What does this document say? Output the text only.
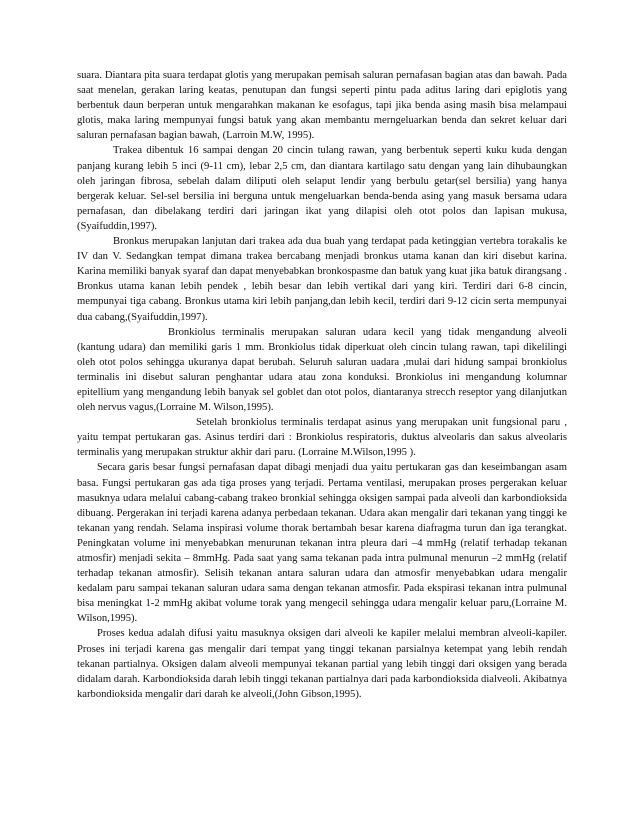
suara. Diantara pita suara terdapat glotis yang merupakan pemisah saluran pernafasan bagian atas dan bawah. Pada saat menelan, gerakan laring keatas, penutupan dan fungsi seperti pintu pada aditus laring dari epiglotis yang berbentuk daun berperan untuk mengarahkan makanan ke esofagus, tapi jika benda asing masih bisa melampaui glotis, maka laring mempunyai fungsi batuk yang akan membantu merngeluarkan benda dan sekret keluar dari saluran pernafasan bagian bawah, (Larroin M.W, 1995).

Trakea dibentuk 16 sampai dengan 20 cincin tulang rawan, yang berbentuk seperti kuku kuda dengan panjang kurang lebih 5 inci (9-11 cm), lebar 2,5 cm, dan diantara kartilago satu dengan yang lain dihubaungkan oleh jaringan fibrosa, sebelah dalam diliputi oleh selaput lendir yang berbulu getar(sel bersilia) yang hanya bergerak keluar. Sel-sel bersilia ini berguna untuk mengeluarkan benda-benda asing yang masuk bersama udara pernafasan, dan dibelakang terdiri dari jaringan ikat yang dilapisi oleh otot polos dan lapisan mukusa, (Syaifuddin,1997).

Bronkus merupakan lanjutan dari trakea ada dua buah yang terdapat pada ketinggian vertebra torakalis ke IV dan V. Sedangkan tempat dimana trakea bercabang menjadi bronkus utama kanan dan kiri disebut karina. Karina memiliki banyak syaraf dan dapat menyebabkan bronkospasme dan batuk yang kuat jika batuk dirangsang . Bronkus utama kanan lebih pendek , lebih besar dan lebih vertikal dari yang kiri. Terdiri dari 6-8 cincin, mempunyai tiga cabang. Bronkus utama kiri lebih panjang,dan lebih kecil, terdiri dari 9-12 cicin serta mempunyai dua cabang,(Syaifuddin,1997).

Bronkiolus terminalis merupakan saluran udara kecil yang tidak mengandung alveoli (kantung udara) dan memiliki garis 1 mm. Bronkiolus tidak diperkuat oleh cincin tulang rawan, tapi dikelilingi oleh otot polos sehingga ukuranya dapat berubah. Seluruh saluran uadara ,mulai dari hidung sampai bronkiolus terminalis ini disebut saluran penghantar udara atau zona konduksi. Bronkiolus ini mengandung kolumnar epitellium yang mengandung lebih banyak sel goblet dan otot polos, diantaranya strecch reseptor yang dilanjutkan oleh nervus vagus,(Lorraine M. Wilson,1995).

Setelah bronkiolus terminalis terdapat asinus yang merupakan unit fungsional paru , yaitu tempat pertukaran gas. Asinus terdiri dari : Bronkiolus respiratoris, duktus alveolaris dan sakus alveolaris terminalis yang merupakan struktur akhir dari paru. (Lorraine M.Wilson,1995 ).

Secara garis besar fungsi pernafasan dapat dibagi menjadi dua yaitu pertukaran gas dan keseimbangan asam basa. Fungsi pertukaran gas ada tiga proses yang terjadi. Pertama ventilasi, merupakan proses pergerakan keluar masuknya udara melalui cabang-cabang trakeo bronkial sehingga oksigen sampai pada alveoli dan karbondioksida dibuang. Pergerakan ini terjadi karena adanya perbedaan tekanan. Udara akan mengalir dari tekanan yang tinggi ke tekanan yang rendah. Selama inspirasi volume thorak bertambah besar karena diafragma turun dan iga terangkat. Peningkatan volume ini menyebabkan menurunan tekanan intra pleura dari –4 mmHg (relatif terhadap tekanan atmosfir) menjadi sekita – 8mmHg. Pada saat yang sama tekanan pada intra pulmunal menurun –2 mmHg (relatif terhadap tekanan atmosfir). Selisih tekanan antara saluran udara dan atmosfir menyebabkan udara mengalir kedalam paru sampai tekanan saluran udara sama dengan tekanan atmosfir. Pada ekspirasi tekanan intra pulmunal bisa meningkat 1-2 mmHg akibat volume torak yang mengecil sehingga udara mengalir keluar paru,(Lorraine M. Wilson,1995).

Proses kedua adalah difusi yaitu masuknya oksigen dari alveoli ke kapiler melalui membran alveoli-kapiler. Proses ini terjadi karena gas mengalir dari tempat yang tinggi tekanan parsialnya ketempat yang lebih rendah tekanan partialnya. Oksigen dalam alveoli mempunyai tekanan partial yang lebih tinggi dari oksigen yang berada didalam darah. Karbondioksida darah lebih tinggi tekanan partialnya dari pada karbondioksida dialveoli. Akibatnya karbondioksida mengalir dari darah ke alveoli,(John Gibson,1995).
